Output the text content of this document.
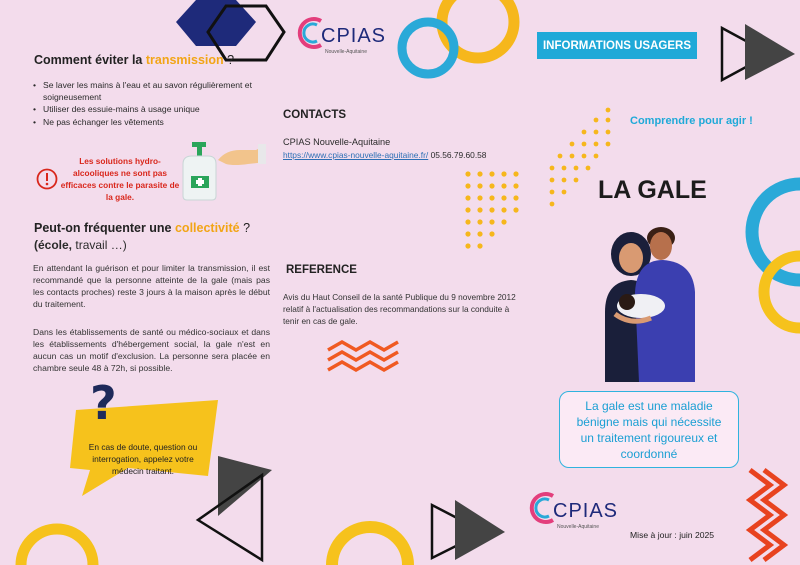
Comment éviter la transmission ?
• Se laver les mains à l'eau et au savon régulièrement et soigneusement
• Utiliser des essuie-mains à usage unique
• Ne pas échanger les vêtements
Les solutions hydro-alcooliques ne sont pas efficaces contre le parasite de la gale.
Peut-on fréquenter une collectivité ?
(école, travail …)
En attendant la guérison et pour limiter la transmission, il est recommandé que la personne atteinte de la gale (mais pas les contacts proches) reste 3 jours à la maison après le début du traitement.
Dans les établissements de santé ou médico-sociaux et dans les établissements d'hébergement social, la gale n'est en aucun cas un motif d'exclusion. La personne sera placée en chambre seule 48 à 72h, si possible.
?
En cas de doute, question ou interrogation, appelez votre médecin traitant.
CPIAS
Nouvelle-Aquitaine
CONTACTS
CPIAS Nouvelle-Aquitaine
https://www.cpias-nouvelle-aquitaine.fr/ 05.56.79.60.58
REFERENCE
Avis du Haut Conseil de la santé Publique du 9 novembre 2012 relatif à l'actualisation des recommandations sur la conduite à tenir en cas de gale.
INFORMATIONS USAGERS
Comprendre pour agir !
LA GALE
La gale est une maladie bénigne mais qui nécessite un traitement rigoureux et coordonné
CPIAS
Nouvelle-Aquitaine
Mise à jour : juin 2025
